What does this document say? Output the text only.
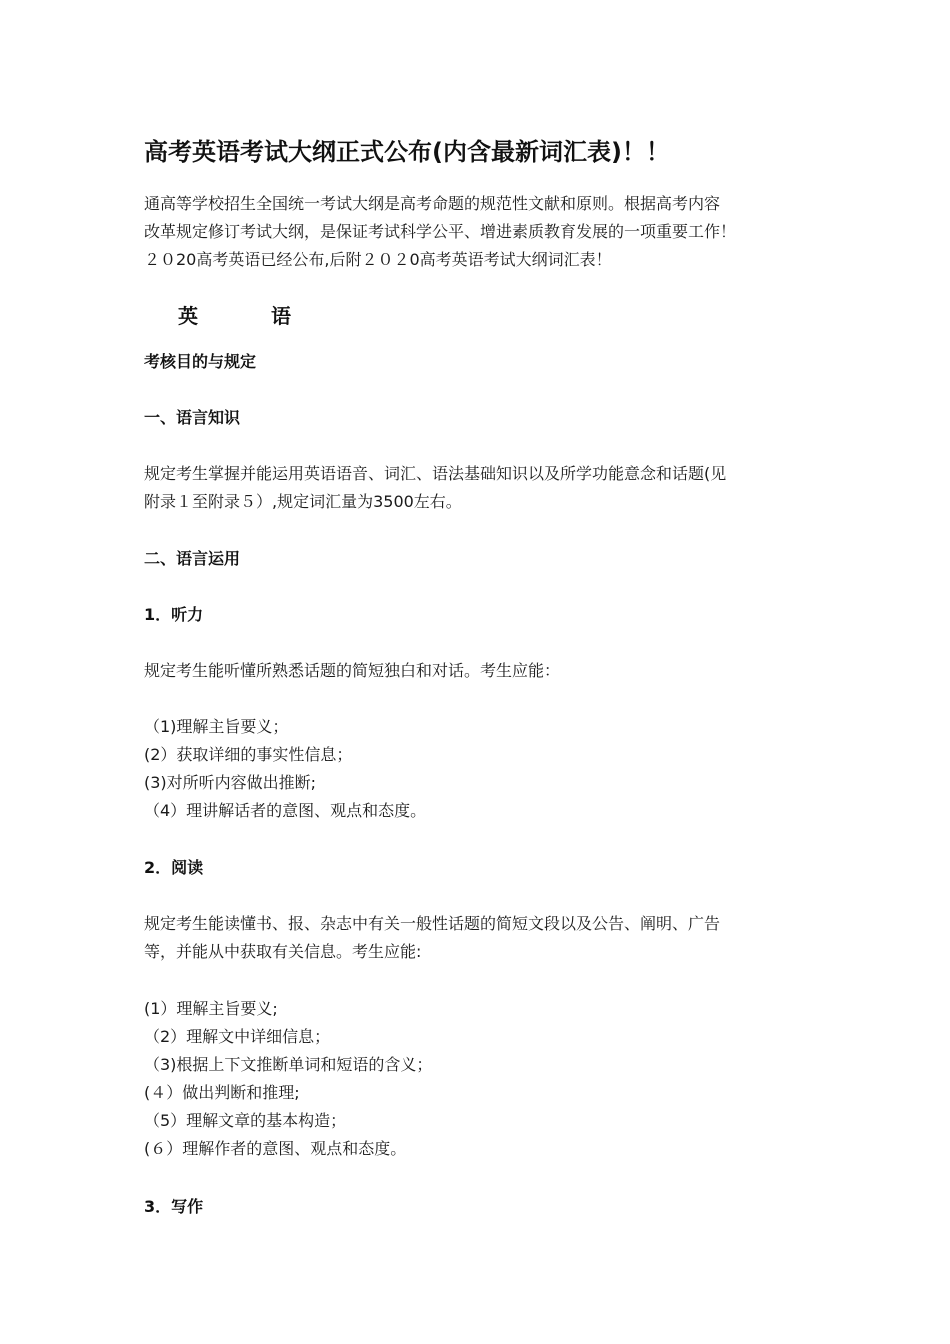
高考英语考试大纲正式公布(内含最新词汇表)！！
通高等学校招生全国统一考试大纲是高考命题的规范性文献和原则。根据高考内容
改革规定修订考试大纲，是保证考试科学公平、增进素质教育发展的一项重要工作！
２０20高考英语已经公布,后附２０２0高考英语考试大纲词汇表！
英	语
考核目的与规定
一、语言知识
规定考生掌握并能运用英语语音、词汇、语法基础知识以及所学功能意念和话题(见
附录１至附录５）,规定词汇量为3500左右。
二、语言运用
1．听力
规定考生能听懂所熟悉话题的简短独白和对话。考生应能：
（1)理解主旨要义；
(2）获取详细的事实性信息；
(3)对所听内容做出推断;
（4）理讲解话者的意图、观点和态度。
2．阅读
规定考生能读懂书、报、杂志中有关一般性话题的简短文段以及公告、阐明、广告
等，并能从中获取有关信息。考生应能:
(1）理解主旨要义;
（2）理解文中详细信息；
（3)根据上下文推断单词和短语的含义；
(４）做出判断和推理;
（5）理解文章的基本构造；
(６）理解作者的意图、观点和态度。
3．写作
